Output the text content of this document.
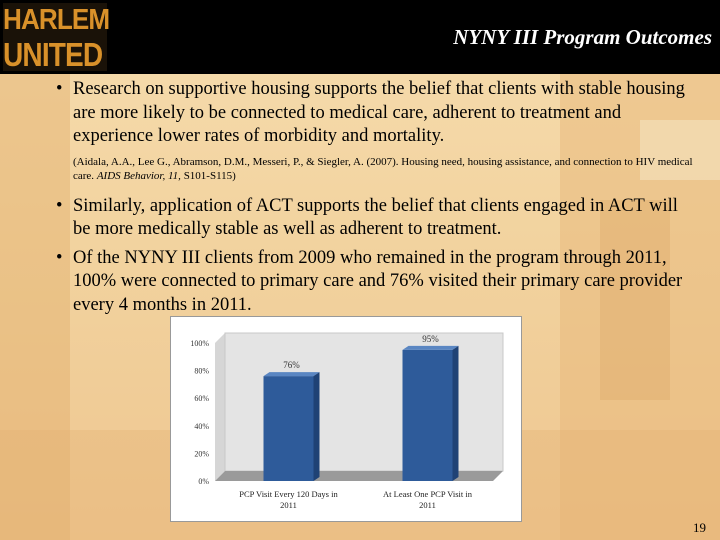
HARLEM
UNITED	NYNY III Program Outcomes
• Research on supportive housing supports the belief that clients with stable housing are more likely to be connected to medical care, adherent to treatment and experience lower rates of morbidity and mortality.
(Aidala, A.A., Lee G., Abramson, D.M., Messeri, P., & Siegler, A. (2007). Housing need, housing assistance, and connection to HIV medical care. AIDS Behavior, 11, S101-S115)
• Similarly, application of ACT supports the belief that clients engaged in ACT will be more medically stable as well as adherent to treatment.
• Of the NYNY III clients from 2009 who remained in the program through 2011, 100% were connected to primary care and 76% visited their primary care provider every 4 months in 2011.
0%
20%
40%
60%
80%
100%
76%
PCP Visit Every 120 Days in 2011
95%
At Least One PCP Visit in 2011
19
